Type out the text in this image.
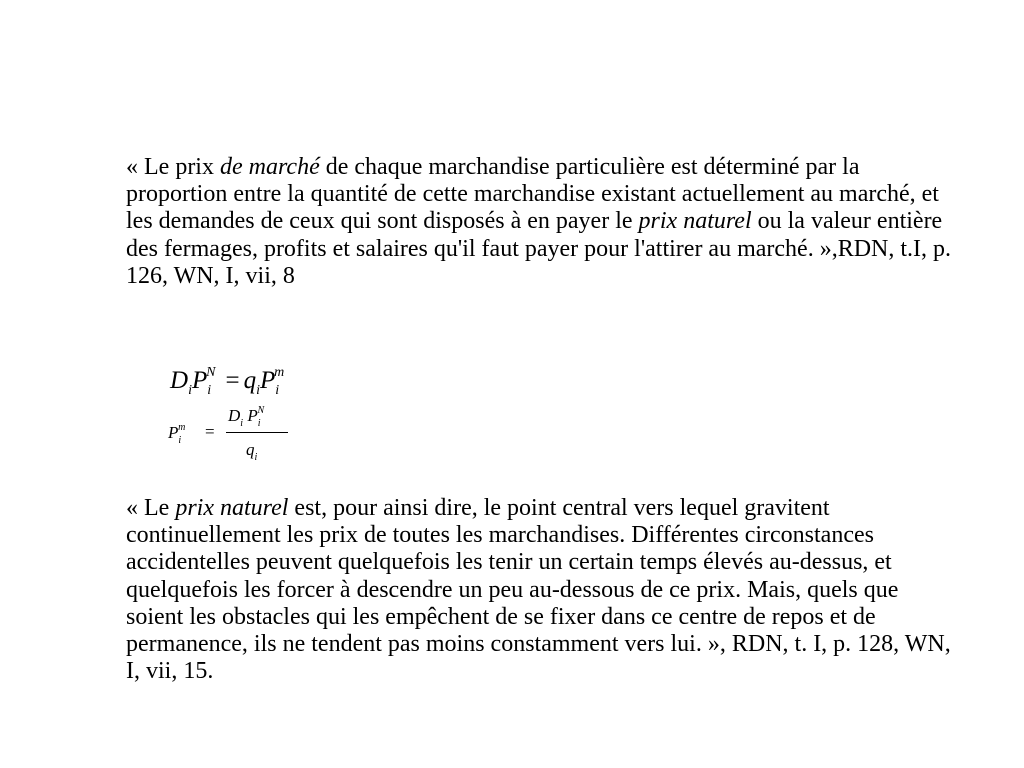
« Le prix de marché de chaque marchandise particulière est déterminé par la proportion entre la quantité de cette marchandise existant actuellement au marché, et les demandes de ceux qui sont disposés à en payer le prix naturel ou la valeur entière des fermages, profits et salaires qu'il faut payer pour l'attirer au marché. »,RDN, t.I, p. 126, WN, I, vii, 8

$D_iP_i^N = q_iP_i^m$
$P_i^m$ =
$D_i$ $P_i^N$
$q_i$

« Le prix naturel est, pour ainsi dire, le point central vers lequel gravitent continuellement les prix de toutes les marchandises. Différentes circonstances accidentelles peuvent quelquefois les tenir un certain temps élevés au-dessus, et quelquefois les forcer à descendre un peu au-dessous de ce prix. Mais, quels que soient les obstacles qui les empêchent de se fixer dans ce centre de repos et de permanence, ils ne tendent pas moins constamment vers lui. », RDN, t. I, p. 128, WN, I, vii, 15.
